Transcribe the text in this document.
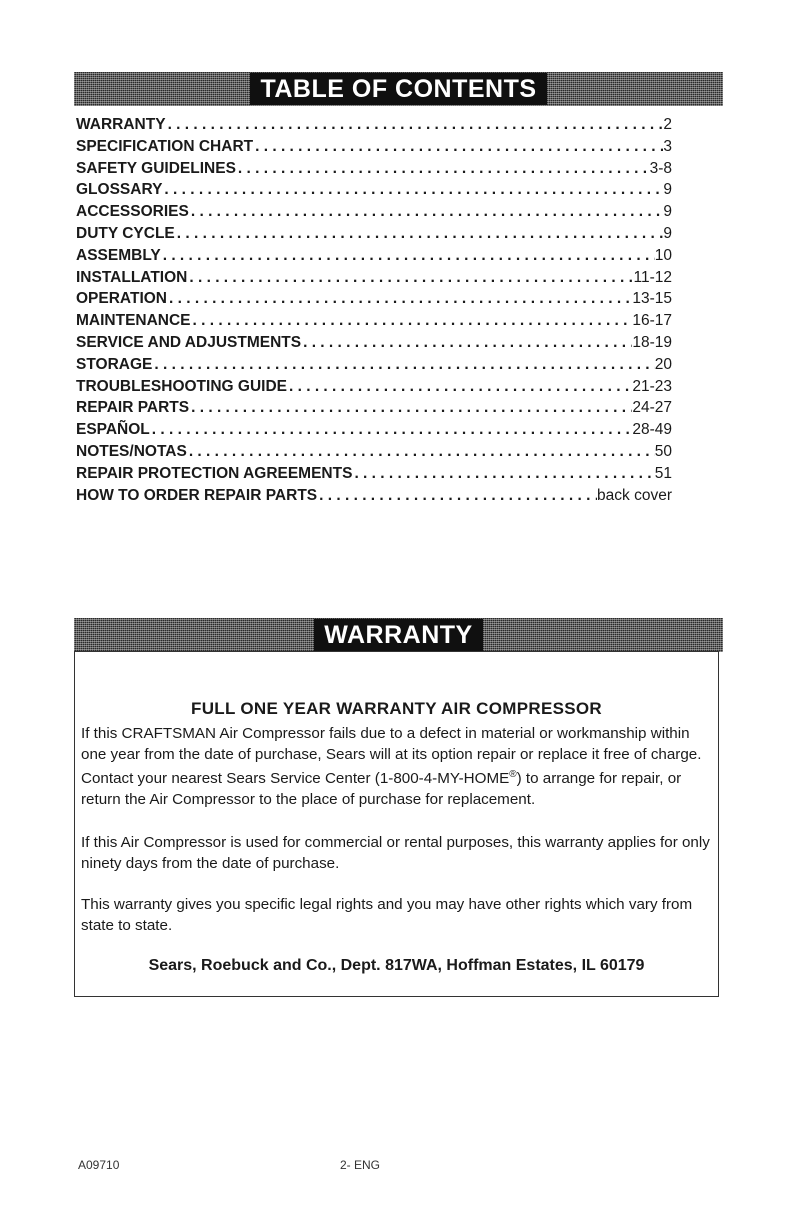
TABLE OF CONTENTS
WARRANTY . . .	2
SPECIFICATION CHART . . .	3
SAFETY GUIDELINES . . .	3-8
GLOSSARY . . .	9
ACCESSORIES . . .	9
DUTY CYCLE . . .	9
ASSEMBLY . . .	10
INSTALLATION . . .	11-12
OPERATION . . .	13-15
MAINTENANCE . . .	16-17
SERVICE AND ADJUSTMENTS . . .	18-19
STORAGE . . .	20
TROUBLESHOOTING GUIDE . . .	21-23
REPAIR PARTS . . .	24-27
ESPAÑOL . . .	28-49
NOTES/NOTAS . . .	50
REPAIR PROTECTION AGREEMENTS . . .	51
HOW TO ORDER REPAIR PARTS . . .	back cover
WARRANTY
FULL ONE YEAR WARRANTY AIR COMPRESSOR

If this CRAFTSMAN Air Compressor fails due to a defect in material or workmanship within one year from the date of purchase, Sears will at its option repair or replace it free of charge. Contact your nearest Sears Service Center (1-800-4-MY-HOME®) to arrange for repair, or return the Air Compressor to the place of purchase for replacement.

If this Air Compressor is used for commercial or rental purposes, this warranty applies for only ninety days from the date of purchase.

This warranty gives you specific legal rights and you may have other rights which vary from state to state.

Sears, Roebuck and Co., Dept. 817WA, Hoffman Estates, IL 60179
A09710	2- ENG
